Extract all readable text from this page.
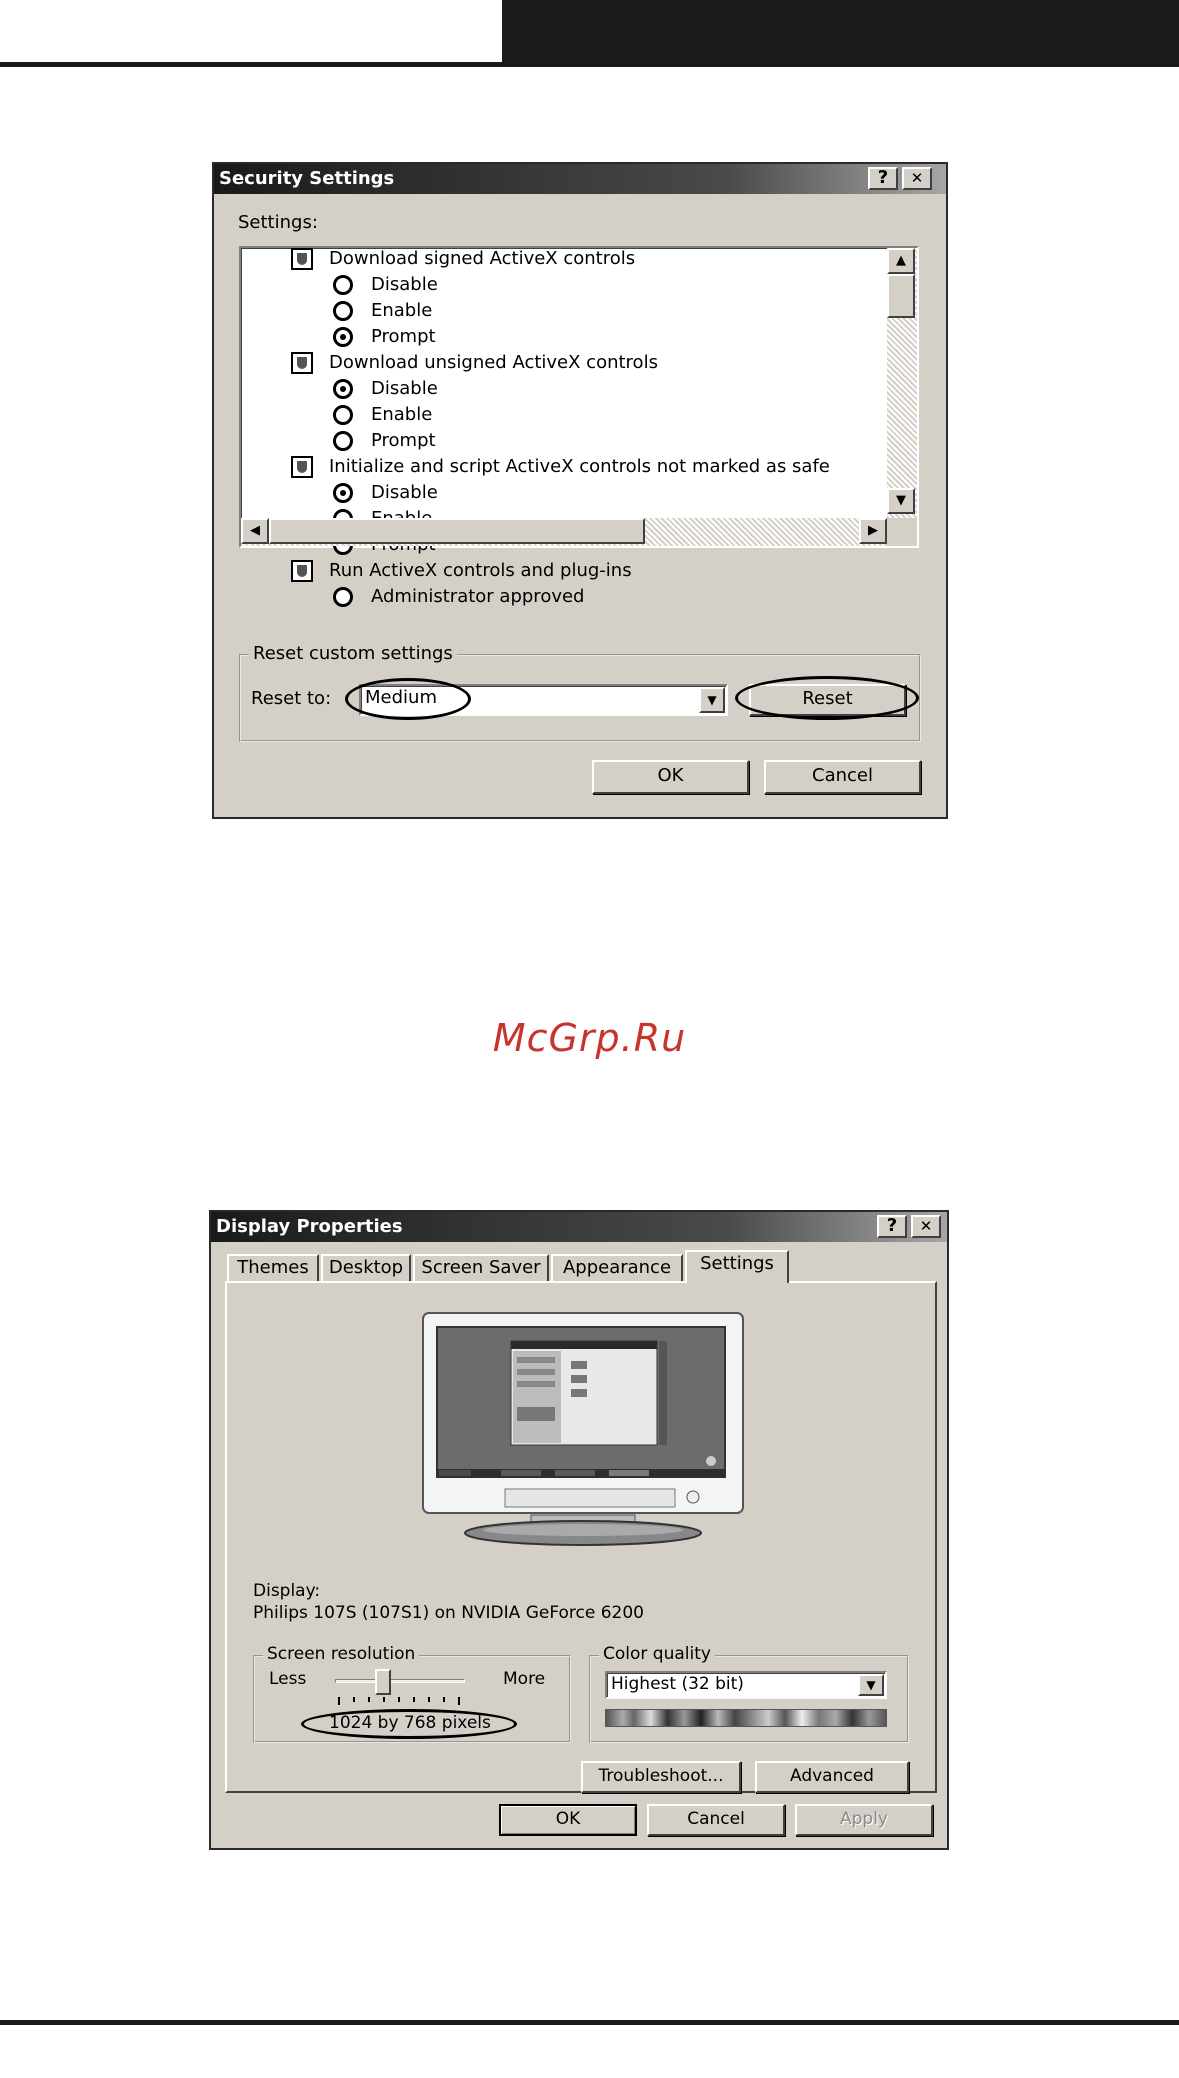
Security Settings	?	✕
Settings:
Download signed ActiveX controls
Disable
Enable
Prompt
Download unsigned ActiveX controls
Disable
Enable
Prompt
Initialize and script ActiveX controls not marked as safe
Disable
Run ActiveX controls and plug-ins
Administrator approved
▲
▼
◀	▶
Reset custom settings
Reset to: Medium	▼	Reset
OK	Cancel
McGrp.Ru
Display Properties	?	✕
Themes	Desktop	Screen Saver	Appearance	Settings
Display:
Philips 107S (107S1) on NVIDIA GeForce 6200
Screen resolution
Less	More
1024 by 768 pixels
Color quality
Highest (32 bit)	▼
Troubleshoot...	Advanced
OK	Cancel	Apply
